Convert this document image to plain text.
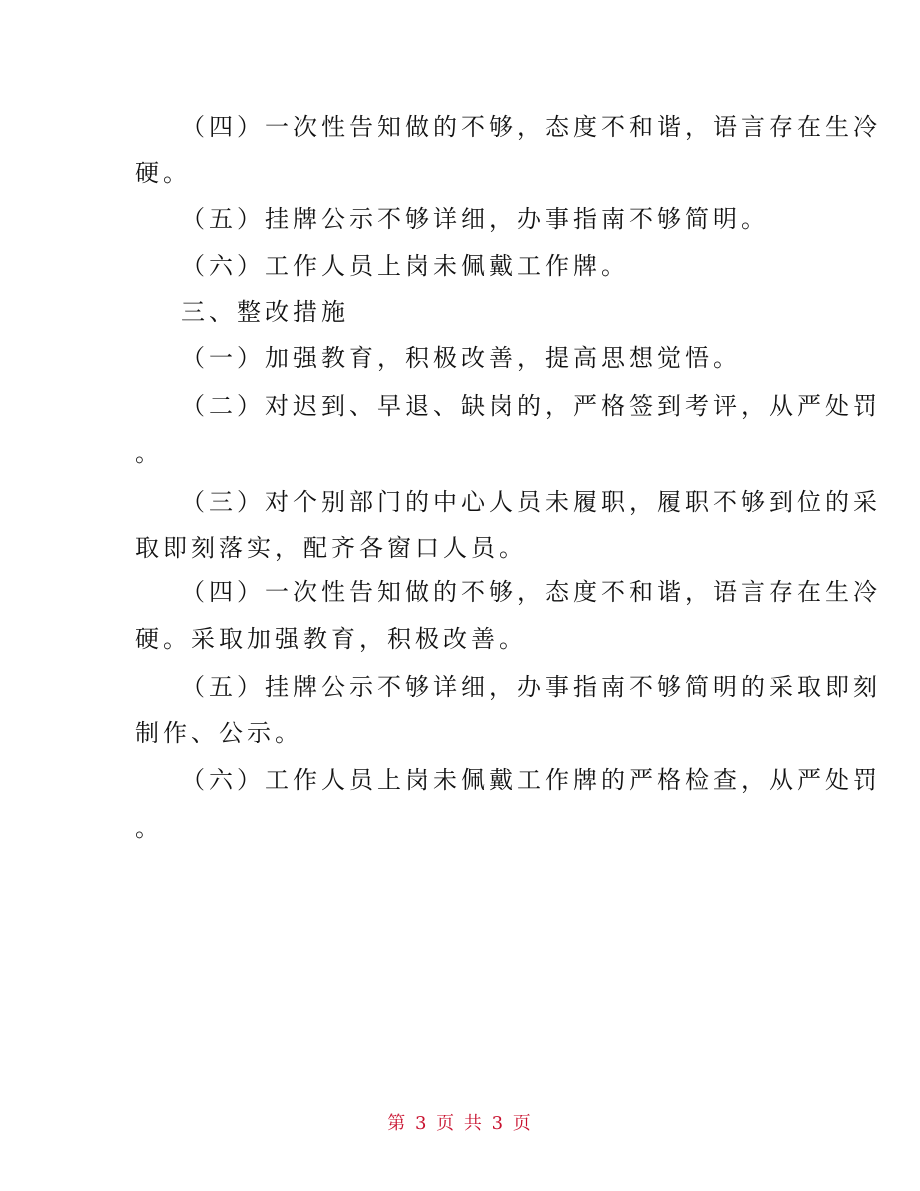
（四）一次性告知做的不够，态度不和谐，语言存在生冷
硬。
（五）挂牌公示不够详细，办事指南不够简明。
（六）工作人员上岗未佩戴工作牌。
三、整改措施
（一）加强教育，积极改善，提高思想觉悟。
（二）对迟到、早退、缺岗的，严格签到考评，从严处罚
。
（三）对个别部门的中心人员未履职，履职不够到位的采
取即刻落实，配齐各窗口人员。
（四）一次性告知做的不够，态度不和谐，语言存在生冷
硬。采取加强教育，积极改善。
（五）挂牌公示不够详细，办事指南不够简明的采取即刻
制作、公示。
（六）工作人员上岗未佩戴工作牌的严格检查，从严处罚
。
第 3 页 共 3 页
